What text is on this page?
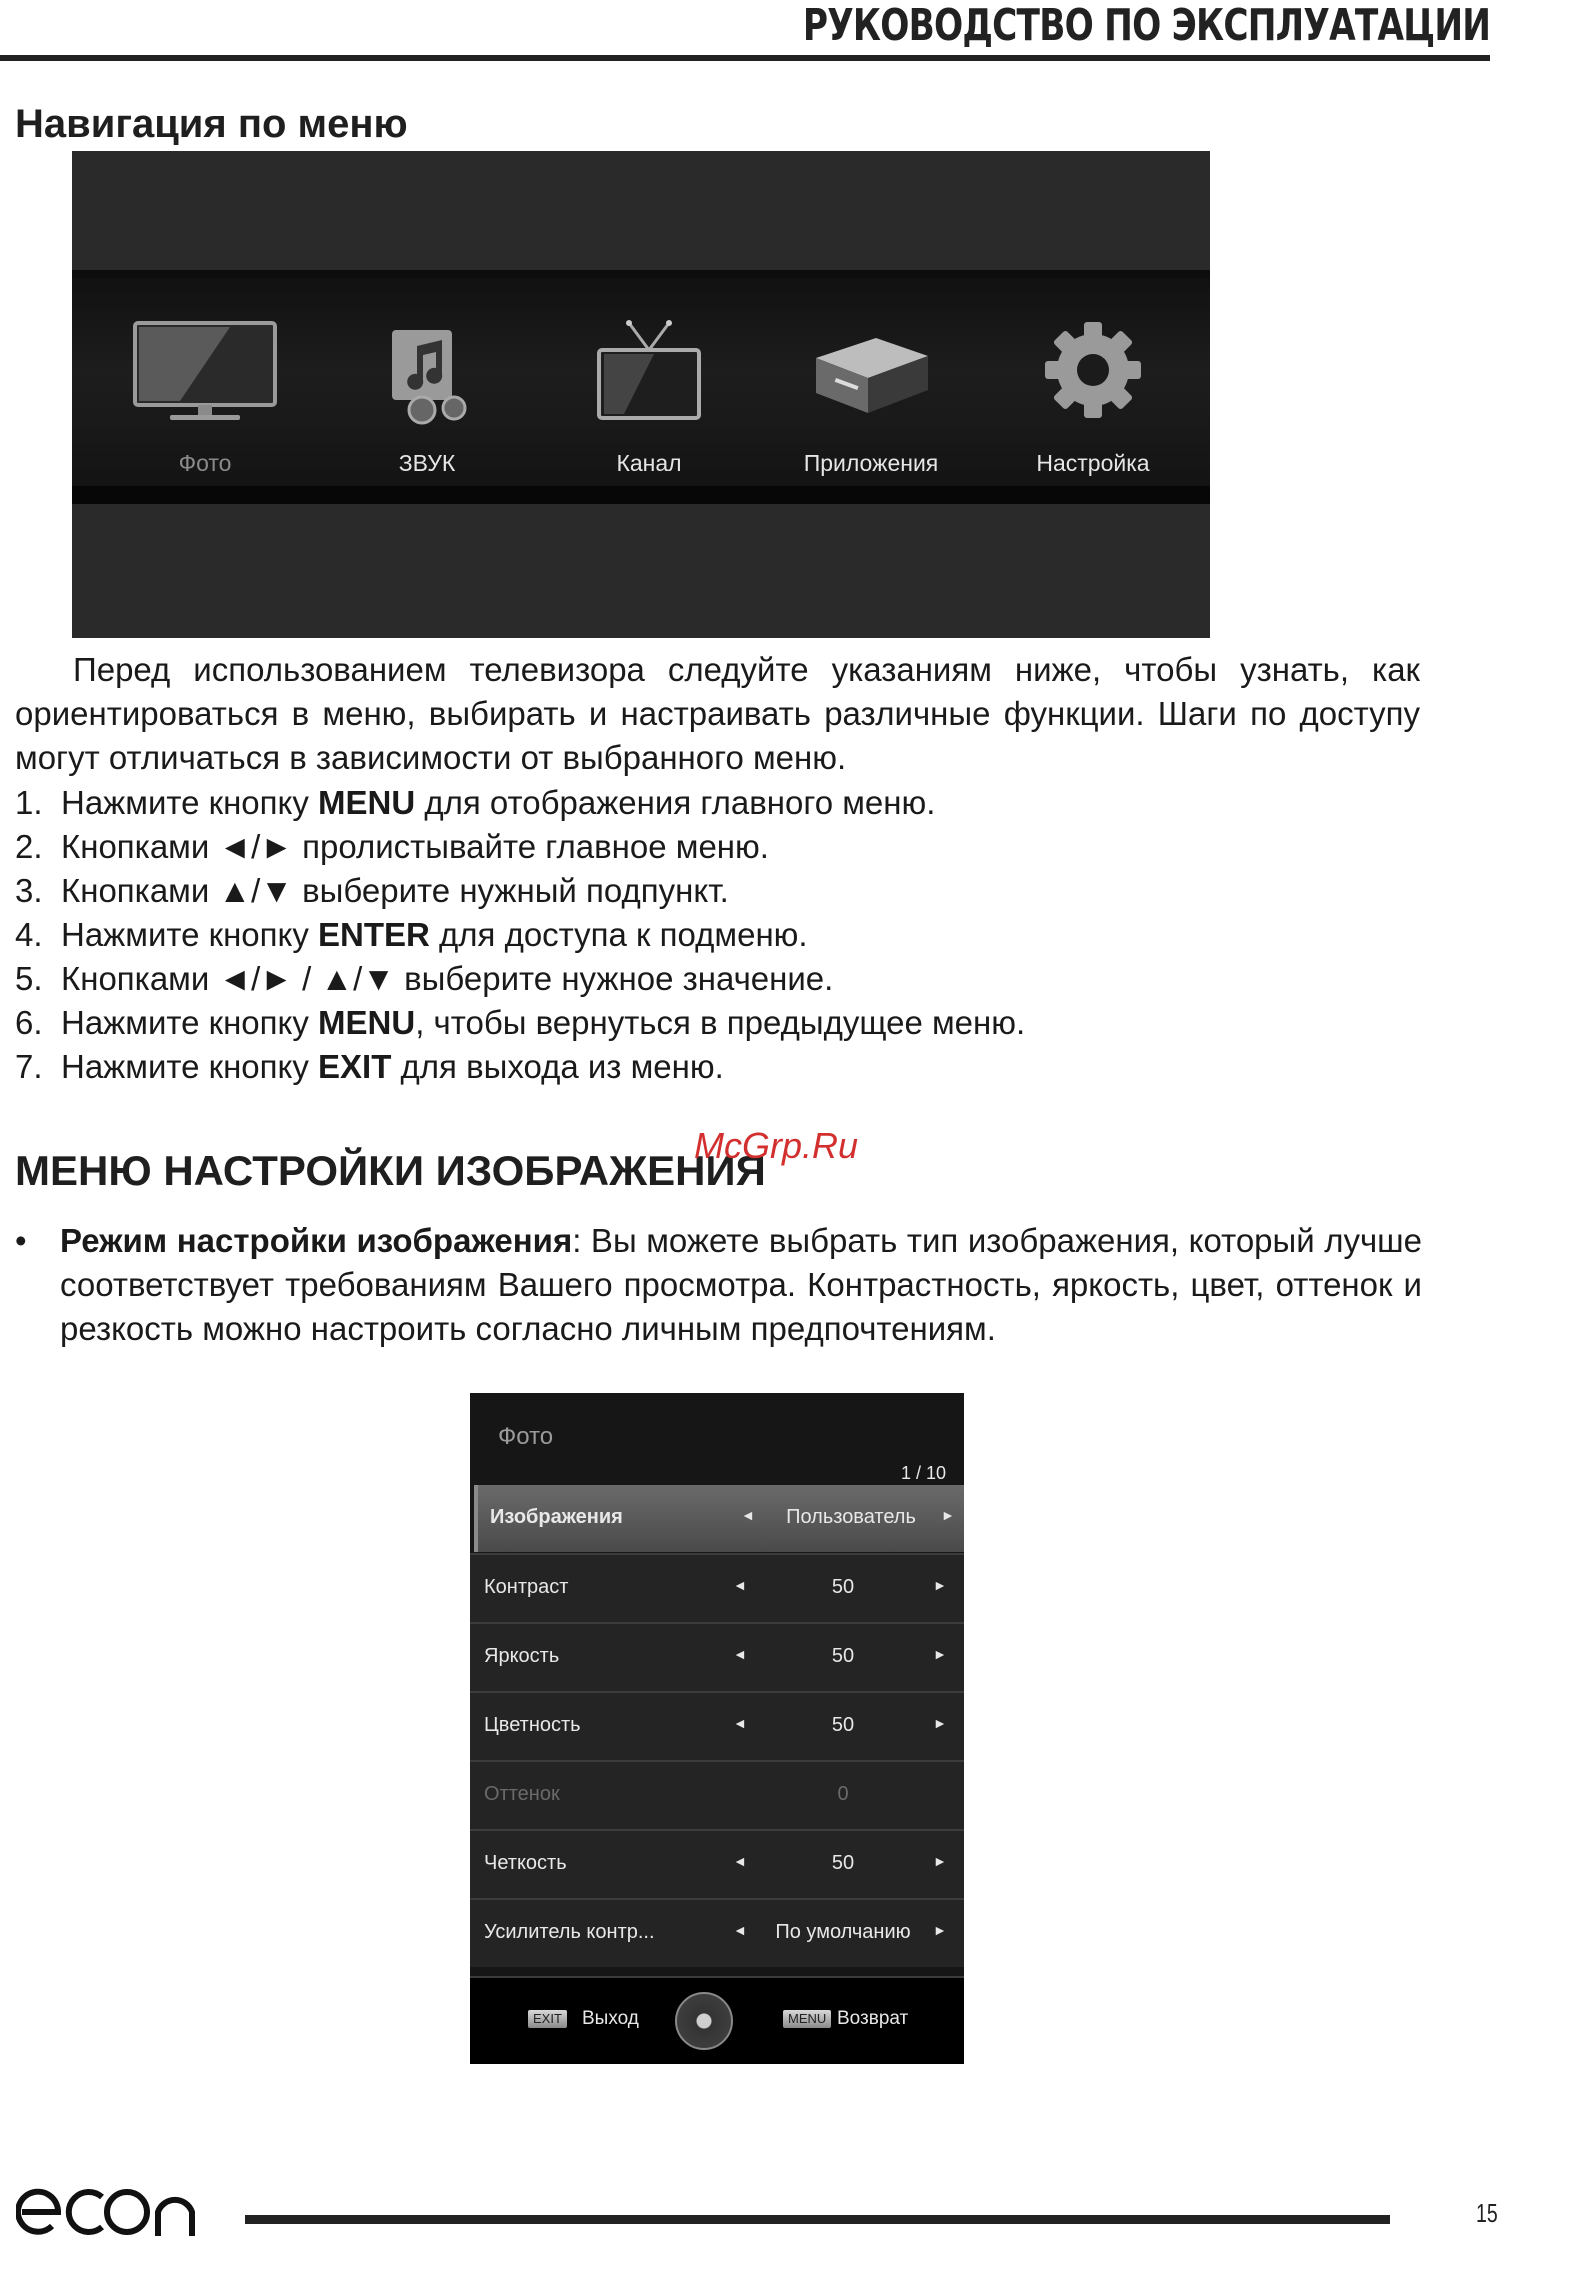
РУКОВОДСТВО ПО ЭКСПЛУАТАЦИИ
Навигация по меню
Фото	ЗВУК	Канал	Приложения	Настройка
Перед использованием телевизора следуйте указаниям ниже, чтобы узнать, как ориентироваться в меню, выбирать и настраивать различные функции. Шаги по доступу могут отличаться в зависимости от выбранного меню.
1. Нажмите кнопку MENU для отображения главного меню.
2. Кнопками ◄/► пролистывайте главное меню.
3. Кнопками ▲/▼ выберите нужный подпункт.
4. Нажмите кнопку ENTER для доступа к подменю.
5. Кнопками ◄/► / ▲/▼ выберите нужное значение.
6. Нажмите кнопку MENU, чтобы вернуться в предыдущее меню.
7. Нажмите кнопку EXIT для выхода из меню.
МЕНЮ НАСТРОЙКИ ИЗОБРАЖЕНИЯ
McGrp.Ru
• Режим настройки изображения: Вы можете выбрать тип изображения, который лучше соответствует требованиям Вашего просмотра. Контрастность, яркость, цвет, оттенок и резкость можно настроить согласно личным предпочтениям.
Фото
1 / 10
Изображения	◄	Пользователь	►
Контраст	◄	50	►
Яркость	◄	50	►
Цветность	◄	50	►
Оттенок	0
Четкость	◄	50	►
Усилитель контр...	◄	По умолчанию	►
EXIT Выход	MENU Возврат
15
